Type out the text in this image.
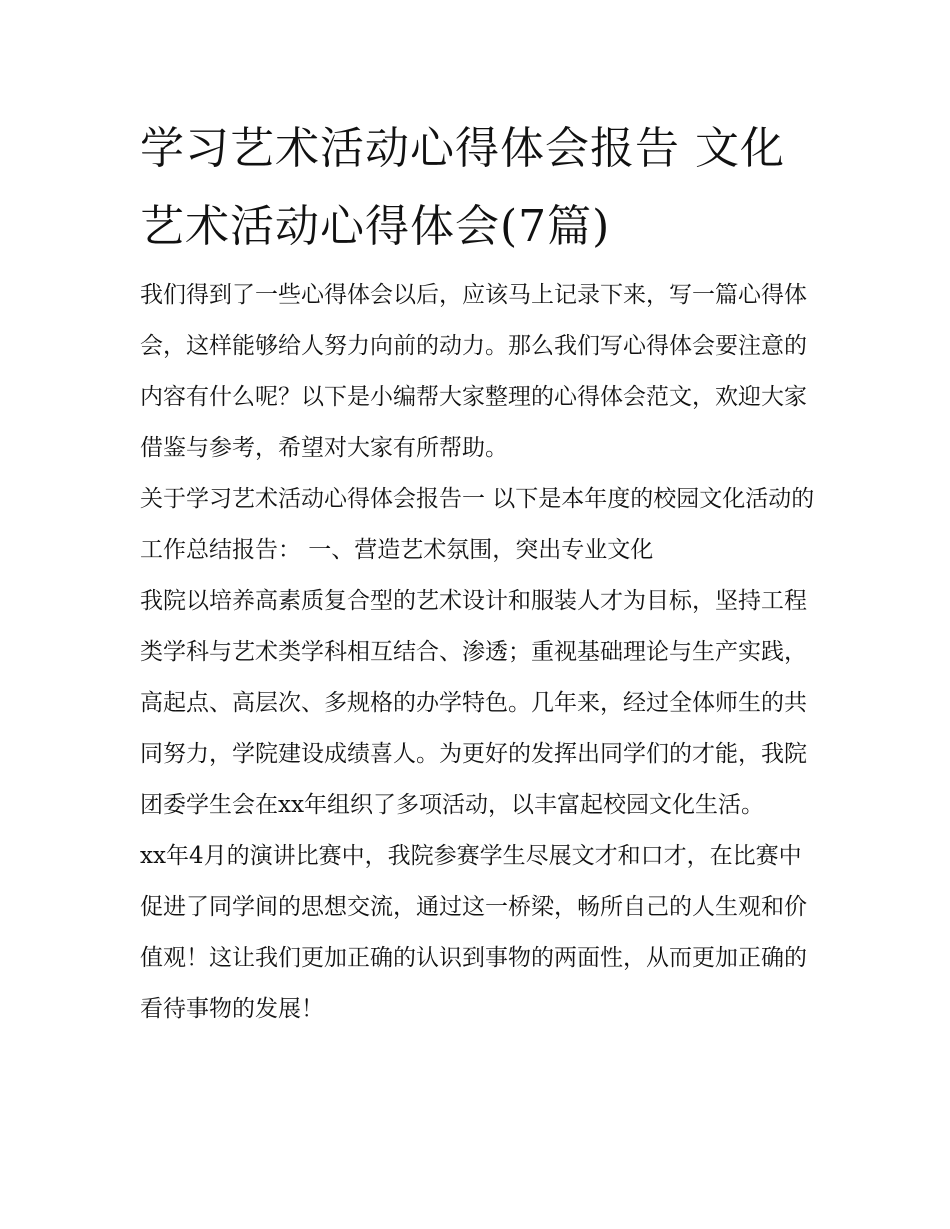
学习艺术活动心得体会报告 文化艺术活动心得体会(7篇)

我们得到了一些心得体会以后，应该马上记录下来，写一篇心得体会，这样能够给人努力向前的动力。那么我们写心得体会要注意的内容有什么呢？以下是小编帮大家整理的心得体会范文，欢迎大家借鉴与参考，希望对大家有所帮助。

关于学习艺术活动心得体会报告一 以下是本年度的校园文化活动的工作总结报告： 一、营造艺术氛围，突出专业文化

我院以培养高素质复合型的艺术设计和服装人才为目标，坚持工程类学科与艺术类学科相互结合、渗透；重视基础理论与生产实践，高起点、高层次、多规格的办学特色。几年来，经过全体师生的共同努力，学院建设成绩喜人。为更好的发挥出同学们的才能，我院团委学生会在xx年组织了多项活动，以丰富起校园文化生活。

xx年4月的演讲比赛中，我院参赛学生尽展文才和口才，在比赛中促进了同学间的思想交流，通过这一桥梁，畅所自己的人生观和价值观！这让我们更加正确的认识到事物的两面性，从而更加正确的看待事物的发展！
